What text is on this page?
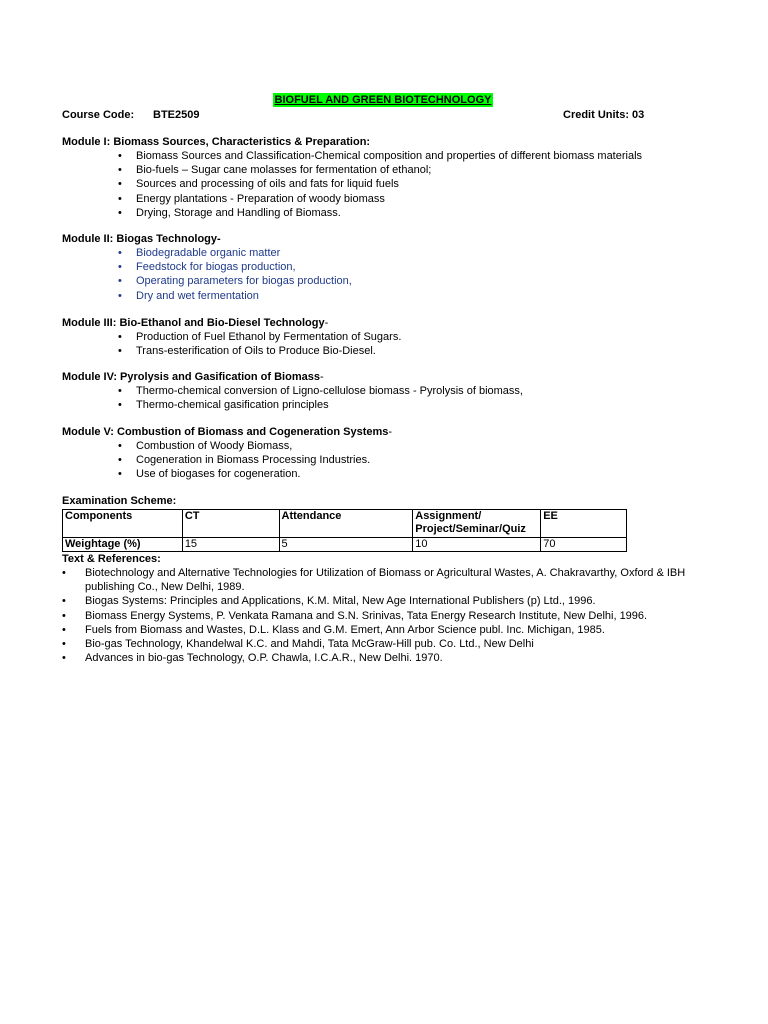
BIOFUEL AND GREEN BIOTECHNOLOGY
Course Code: BTE2509	Credit Units: 03
Module I: Biomass Sources, Characteristics & Preparation:
• Biomass Sources and Classification-Chemical composition and properties of different biomass materials
• Bio-fuels – Sugar cane molasses for fermentation of ethanol;
• Sources and processing of oils and fats for liquid fuels
• Energy plantations - Preparation of woody biomass
• Drying, Storage and Handling of Biomass.
Module II: Biogas Technology-
• Biodegradable organic matter
• Feedstock for biogas production,
• Operating parameters for biogas production,
• Dry and wet fermentation
Module III: Bio-Ethanol and Bio-Diesel Technology-
• Production of Fuel Ethanol by Fermentation of Sugars.
• Trans-esterification of Oils to Produce Bio-Diesel.
Module IV: Pyrolysis and Gasification of Biomass-
• Thermo-chemical conversion of Ligno-cellulose biomass - Pyrolysis of biomass,
• Thermo-chemical gasification principles
Module V: Combustion of Biomass and Cogeneration Systems-
• Combustion of Woody Biomass,
• Cogeneration in Biomass Processing Industries.
• Use of biogases for cogeneration.
Examination Scheme:
Components	CT	Attendance	Assignment/ Project/Seminar/Quiz	EE
Weightage (%)	15	5	10	70
Text & References:
• Biotechnology and Alternative Technologies for Utilization of Biomass or Agricultural Wastes, A. Chakravarthy, Oxford & IBH publishing Co., New Delhi, 1989.
• Biogas Systems: Principles and Applications, K.M. Mital, New Age International Publishers (p) Ltd., 1996.
• Biomass Energy Systems, P. Venkata Ramana and S.N. Srinivas, Tata Energy Research Institute, New Delhi, 1996.
• Fuels from Biomass and Wastes, D.L. Klass and G.M. Emert, Ann Arbor Science publ. Inc. Michigan, 1985.
• Bio-gas Technology, Khandelwal K.C. and Mahdi, Tata McGraw-Hill pub. Co. Ltd., New Delhi
• Advances in bio-gas Technology, O.P. Chawla, I.C.A.R., New Delhi. 1970.
